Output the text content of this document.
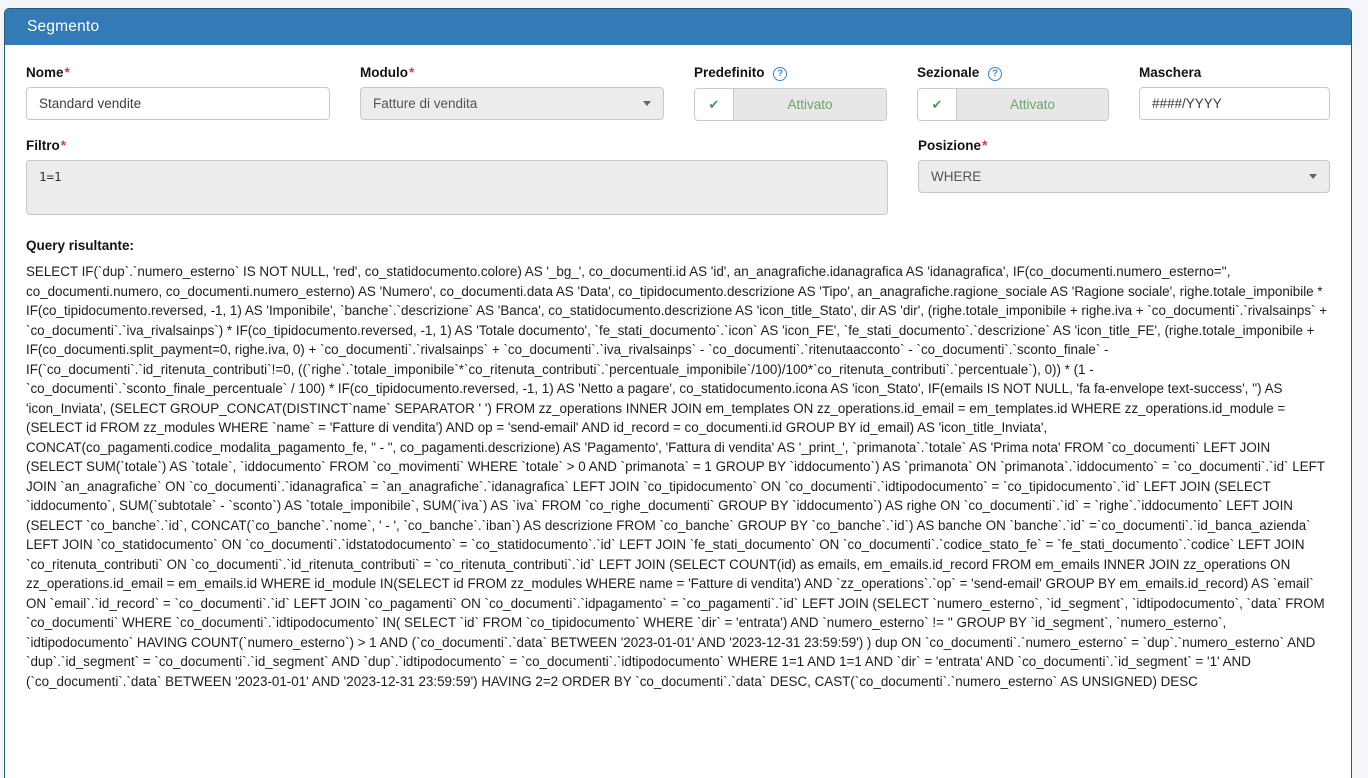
Segmento
Nome*
Standard vendite	Modulo*
Fatture di vendita
Predefinito ?
✔	Attivato
Sezionale ?
✔	Attivato
Maschera
####/YYYY
Filtro*
1=1	Posizione*
WHERE
Query risultante:
SELECT IF(`dup`.`numero_esterno` IS NOT NULL, 'red', co_statidocumento.colore) AS '_bg_', co_documenti.id AS 'id', an_anagrafiche.idanagrafica AS 'idanagrafica', IF(co_documenti.numero_esterno='', co_documenti.numero, co_documenti.numero_esterno) AS 'Numero', co_documenti.data AS 'Data', co_tipidocumento.descrizione AS 'Tipo', an_anagrafiche.ragione_sociale AS 'Ragione sociale', righe.totale_imponibile * IF(co_tipidocumento.reversed, -1, 1) AS 'Imponibile', `banche`.`descrizione` AS 'Banca', co_statidocumento.descrizione AS 'icon_title_Stato', dir AS 'dir', (righe.totale_imponibile + righe.iva + `co_documenti`.`rivalsainps` + `co_documenti`.`iva_rivalsainps`) * IF(co_tipidocumento.reversed, -1, 1) AS 'Totale documento', `fe_stati_documento`.`icon` AS 'icon_FE', `fe_stati_documento`.`descrizione` AS 'icon_title_FE', (righe.totale_imponibile + IF(co_documenti.split_payment=0, righe.iva, 0) + `co_documenti`.`rivalsainps` + `co_documenti`.`iva_rivalsainps` - `co_documenti`.`ritenutaacconto` - `co_documenti`.`sconto_finale` - IF(`co_documenti`.`id_ritenuta_contributi`!=0, ((`righe`.`totale_imponibile`*`co_ritenuta_contributi`.`percentuale_imponibile`/100)/100*`co_ritenuta_contributi`.`percentuale`), 0)) * (1 - `co_documenti`.`sconto_finale_percentuale` / 100) * IF(co_tipidocumento.reversed, -1, 1) AS 'Netto a pagare', co_statidocumento.icona AS 'icon_Stato', IF(emails IS NOT NULL, 'fa fa-envelope text-success', '') AS 'icon_Inviata', (SELECT GROUP_CONCAT(DISTINCT`name` SEPARATOR ' ') FROM zz_operations INNER JOIN em_templates ON zz_operations.id_email = em_templates.id WHERE zz_operations.id_module = (SELECT id FROM zz_modules WHERE `name` = 'Fatture di vendita') AND op = 'send-email' AND id_record = co_documenti.id GROUP BY id_email) AS 'icon_title_Inviata', CONCAT(co_pagamenti.codice_modalita_pagamento_fe, " - ", co_pagamenti.descrizione) AS 'Pagamento', 'Fattura di vendita' AS '_print_', `primanota`.`totale` AS 'Prima nota' FROM `co_documenti` LEFT JOIN (SELECT SUM(`totale`) AS `totale`, `iddocumento` FROM `co_movimenti` WHERE `totale` > 0 AND `primanota` = 1 GROUP BY `iddocumento`) AS `primanota` ON `primanota`.`iddocumento` = `co_documenti`.`id` LEFT JOIN `an_anagrafiche` ON `co_documenti`.`idanagrafica` = `an_anagrafiche`.`idanagrafica` LEFT JOIN `co_tipidocumento` ON `co_documenti`.`idtipodocumento` = `co_tipidocumento`.`id` LEFT JOIN (SELECT `iddocumento`, SUM(`subtotale` - `sconto`) AS `totale_imponibile`, SUM(`iva`) AS `iva` FROM `co_righe_documenti` GROUP BY `iddocumento`) AS righe ON `co_documenti`.`id` = `righe`.`iddocumento` LEFT JOIN (SELECT `co_banche`.`id`, CONCAT(`co_banche`.`nome`, ' - ', `co_banche`.`iban`) AS descrizione FROM `co_banche` GROUP BY `co_banche`.`id`) AS banche ON `banche`.`id` =`co_documenti`.`id_banca_azienda` LEFT JOIN `co_statidocumento` ON `co_documenti`.`idstatodocumento` = `co_statidocumento`.`id` LEFT JOIN `fe_stati_documento` ON `co_documenti`.`codice_stato_fe` = `fe_stati_documento`.`codice` LEFT JOIN `co_ritenuta_contributi` ON `co_documenti`.`id_ritenuta_contributi` = `co_ritenuta_contributi`.`id` LEFT JOIN (SELECT COUNT(id) as emails, em_emails.id_record FROM em_emails INNER JOIN zz_operations ON zz_operations.id_email = em_emails.id WHERE id_module IN(SELECT id FROM zz_modules WHERE name = 'Fatture di vendita') AND `zz_operations`.`op` = 'send-email' GROUP BY em_emails.id_record) AS `email` ON `email`.`id_record` = `co_documenti`.`id` LEFT JOIN `co_pagamenti` ON `co_documenti`.`idpagamento` = `co_pagamenti`.`id` LEFT JOIN (SELECT `numero_esterno`, `id_segment`, `idtipodocumento`, `data` FROM `co_documenti` WHERE `co_documenti`.`idtipodocumento` IN( SELECT `id` FROM `co_tipidocumento` WHERE `dir` = 'entrata') AND `numero_esterno` != '' GROUP BY `id_segment`, `numero_esterno`, `idtipodocumento` HAVING COUNT(`numero_esterno`) > 1 AND (`co_documenti`.`data` BETWEEN '2023-01-01' AND '2023-12-31 23:59:59') ) dup ON `co_documenti`.`numero_esterno` = `dup`.`numero_esterno` AND `dup`.`id_segment` = `co_documenti`.`id_segment` AND `dup`.`idtipodocumento` = `co_documenti`.`idtipodocumento` WHERE 1=1 AND 1=1 AND `dir` = 'entrata' AND `co_documenti`.`id_segment` = '1' AND (`co_documenti`.`data` BETWEEN '2023-01-01' AND '2023-12-31 23:59:59') HAVING 2=2 ORDER BY `co_documenti`.`data` DESC, CAST(`co_documenti`.`numero_esterno` AS UNSIGNED) DESC
